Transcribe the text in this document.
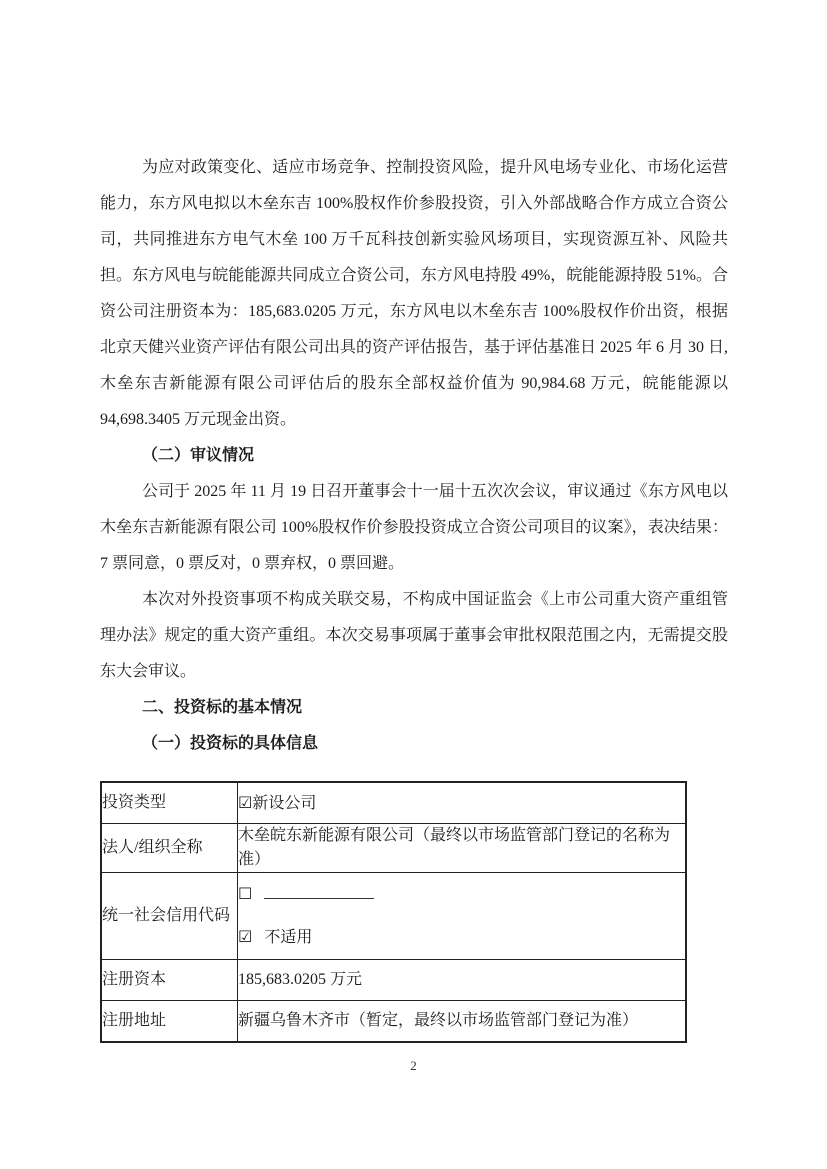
为应对政策变化、适应市场竞争、控制投资风险，提升风电场专业化、市场化运营能力，东方风电拟以木垒东吉 100%股权作价参股投资，引入外部战略合作方成立合资公司，共同推进东方电气木垒 100 万千瓦科技创新实验风场项目，实现资源互补、风险共担。东方风电与皖能能源共同成立合资公司，东方风电持股 49%，皖能能源持股 51%。合资公司注册资本为：185,683.0205 万元，东方风电以木垒东吉 100%股权作价出资，根据北京天健兴业资产评估有限公司出具的资产评估报告，基于评估基准日 2025 年 6 月 30 日,木垒东吉新能源有限公司评估后的股东全部权益价值为 90,984.68 万元，皖能能源以 94,698.3405 万元现金出资。

（二）审议情况

公司于 2025 年 11 月 19 日召开董事会十一届十五次次会议，审议通过《东方风电以木垒东吉新能源有限公司 100%股权作价参股投资成立合资公司项目的议案》，表决结果：7 票同意，0 票反对，0 票弃权，0 票回避。

本次对外投资事项不构成关联交易，不构成中国证监会《上市公司重大资产重组管理办法》规定的重大资产重组。本次交易事项属于董事会审批权限范围之内，无需提交股东大会审议。

二、投资标的基本情况
（一）投资标的具体信息
投资类型	☑新设公司
法人/组织全称	木垒皖东新能源有限公司（最终以市场监管部门登记的名称为准）
统一社会信用代码	☐
☑ 不适用

注册资本	185,683.0205 万元
注册地址	新疆乌鲁木齐市（暂定，最终以市场监管部门登记为准）
2
